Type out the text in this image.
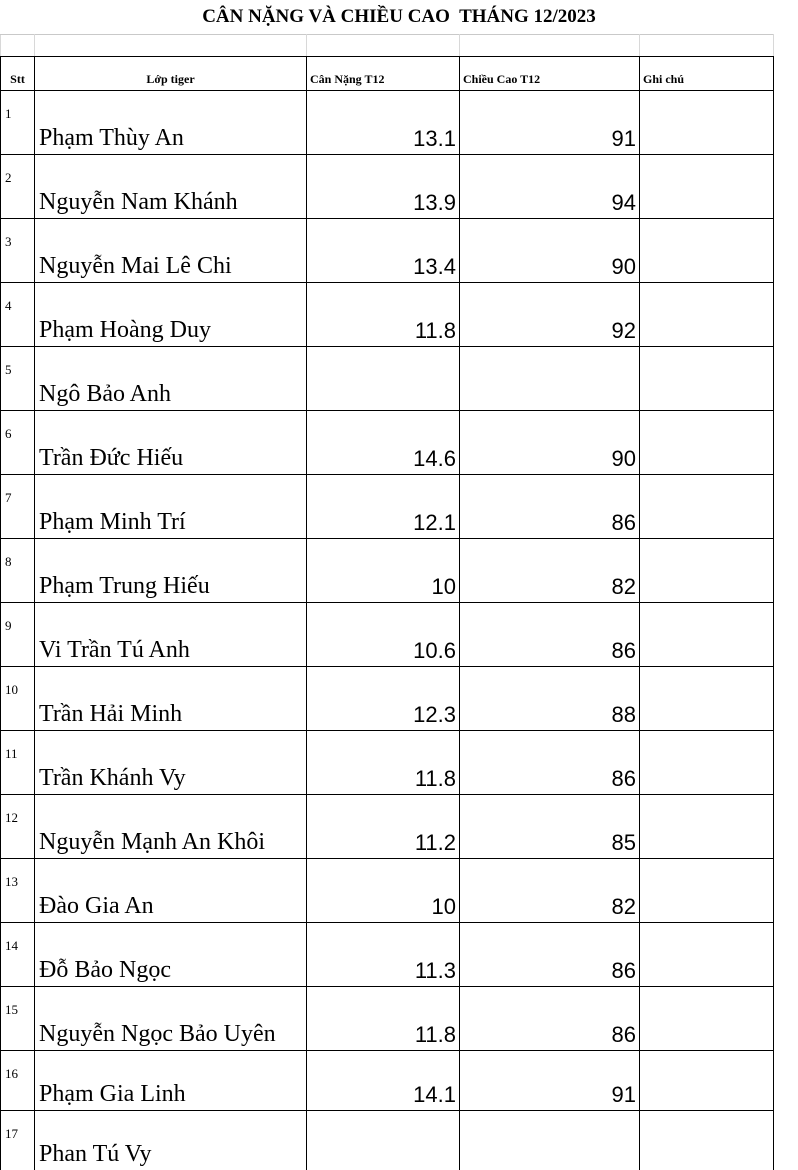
CÂN NẶNG VÀ CHIỀU CAO  THÁNG 12/2023

Stt	Lớp tiger	Cân Nặng T12	Chiều Cao T12	Ghi chú
1	Phạm Thùy An	13.1	91	
2	Nguyễn Nam Khánh	13.9	94	
3	Nguyễn Mai Lê Chi	13.4	90	
4	Phạm Hoàng Duy	11.8	92	
5	Ngô Bảo Anh			
6	Trần Đức Hiếu	14.6	90	
7	Phạm Minh Trí	12.1	86	
8	Phạm Trung Hiếu	10	82	
9	Vi Trần Tú Anh	10.6	86	
10	Trần Hải Minh	12.3	88	
11	Trần Khánh Vy	11.8	86	
12	Nguyễn Mạnh An Khôi	11.2	85	
13	Đào Gia An	10	82	
14	Đỗ Bảo Ngọc	11.3	86	
15	Nguyễn Ngọc Bảo Uyên	11.8	86	
16	Phạm Gia Linh	14.1	91	
17	Phan Tú Vy			
